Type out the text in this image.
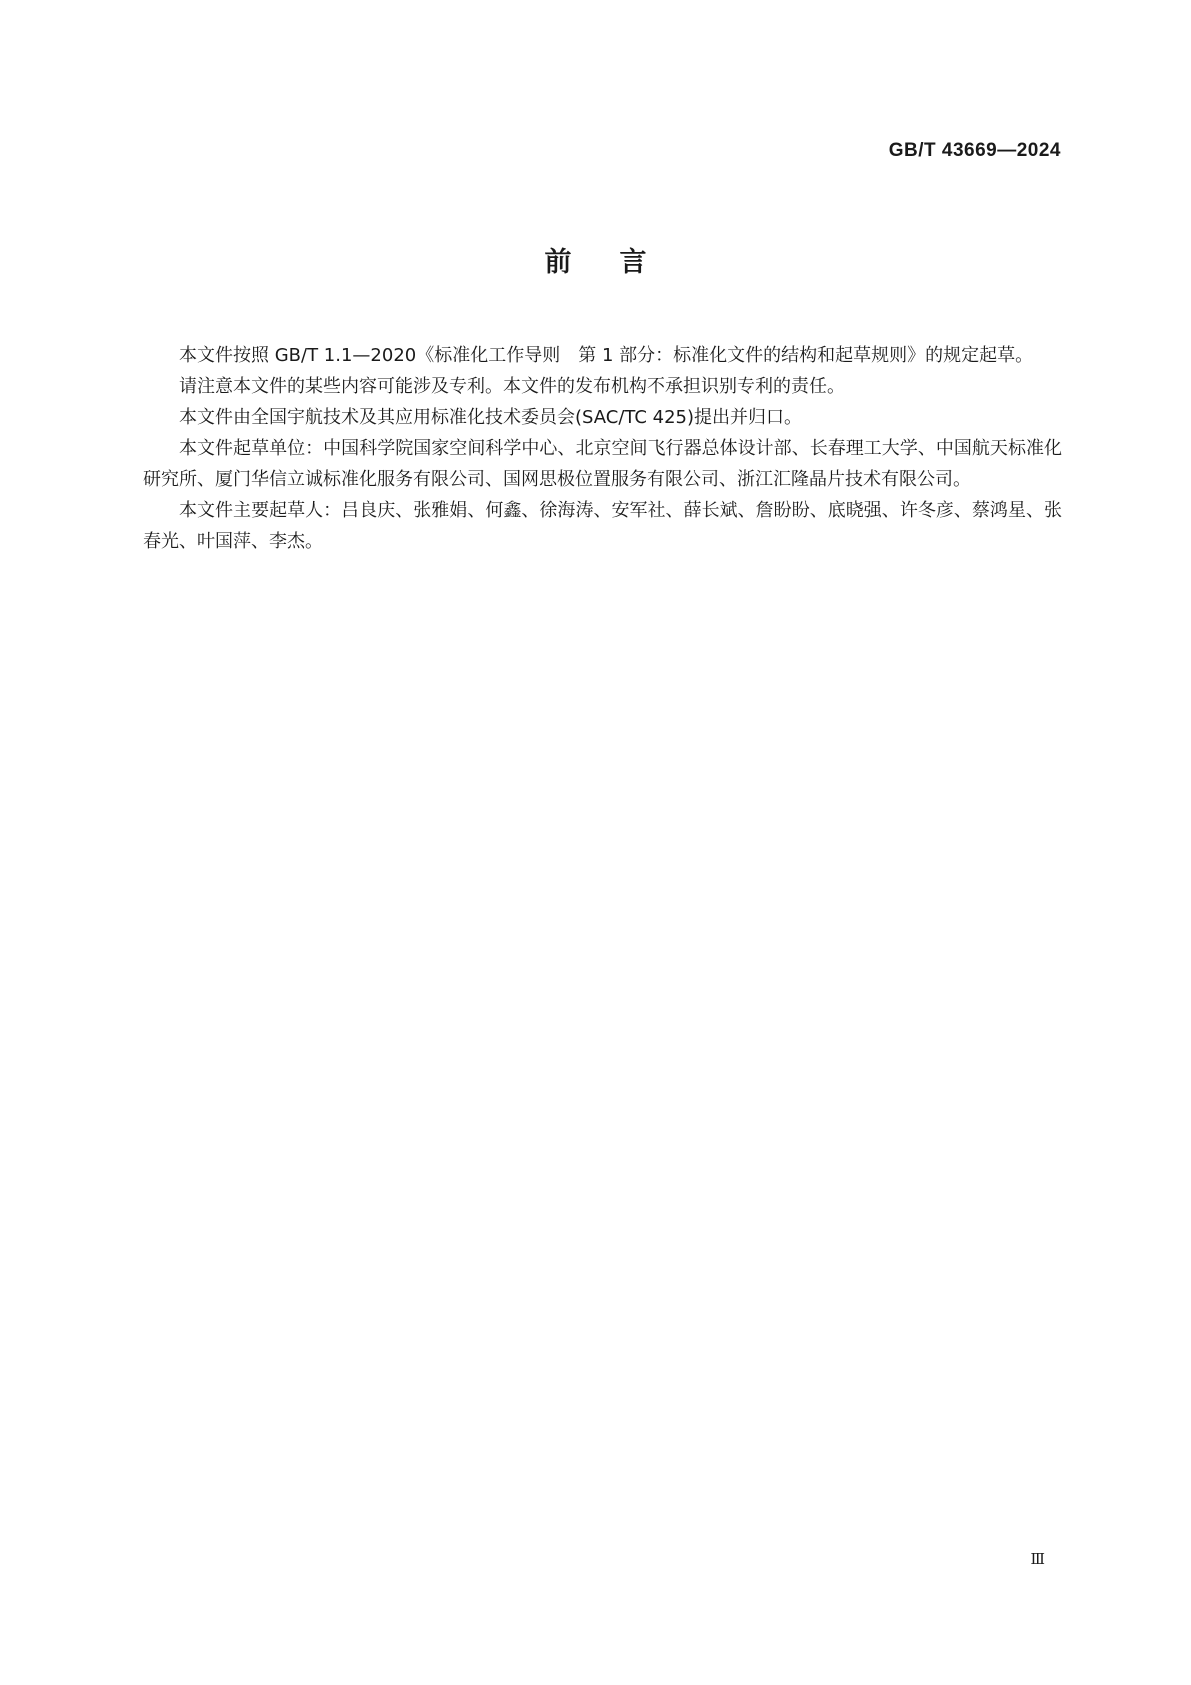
GB/T 43669—2024
前言

本文件按照 GB/T 1.1—2020《标准化工作导则　第 1 部分：标准化文件的结构和起草规则》的规定起草。

请注意本文件的某些内容可能涉及专利。本文件的发布机构不承担识别专利的责任。

本文件由全国宇航技术及其应用标准化技术委员会(SAC/TC 425)提出并归口。

本文件起草单位：中国科学院国家空间科学中心、北京空间飞行器总体设计部、长春理工大学、中国航天标准化研究所、厦门华信立诚标准化服务有限公司、国网思极位置服务有限公司、浙江汇隆晶片技术有限公司。

本文件主要起草人：吕良庆、张雅娟、何鑫、徐海涛、安军社、薛长斌、詹盼盼、底晓强、许冬彦、蔡鸿星、张春光、叶国萍、李杰。

Ⅲ
